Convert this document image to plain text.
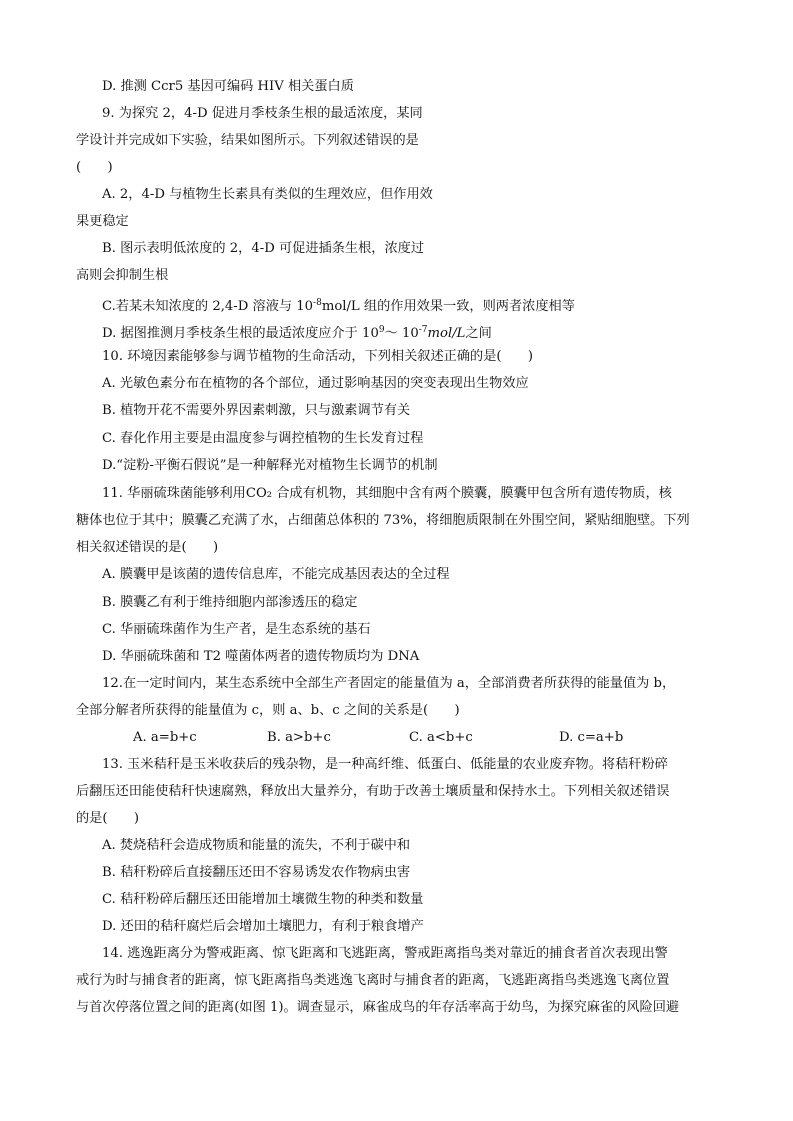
D. 推测 Ccr5 基因可编码 HIV 相关蛋白质
9. 为探究 2，4-D 促进月季枝条生根的最适浓度，某同
学设计并完成如下实验，结果如图所示。下列叙述错误的是
(　　)
A. 2，4-D 与植物生长素具有类似的生理效应，但作用效
果更稳定
B. 图示表明低浓度的 2，4-D 可促进插条生根，浓度过
高则会抑制生根
C.若某未知浓度的 2,4-D 溶液与 $10^{-8}mol/L$ 组的作用效果一致，则两者浓度相等
D. 据图推测月季枝条生根的最适浓度应介于 $10^9\sim$ $10^{-7}mol/L$之间
10. 环境因素能够参与调节植物的生命活动，下列相关叙述正确的是(　　)
A. 光敏色素分布在植物的各个部位，通过影响基因的突变表现出生物效应
B. 植物开花不需要外界因素刺激，只与激素调节有关
C. 春化作用主要是由温度参与调控植物的生长发育过程
D.“淀粉-平衡石假说”是一种解释光对植物生长调节的机制
11. 华丽硫珠菌能够利用CO₂ 合成有机物，其细胞中含有两个膜囊，膜囊甲包含所有遗传物质，核
糖体也位于其中；膜囊乙充满了水，占细菌总体积的 73%，将细胞质限制在外围空间，紧贴细胞壁。下列
相关叙述错误的是(　　)
A. 膜囊甲是该菌的遗传信息库，不能完成基因表达的全过程
B. 膜囊乙有利于维持细胞内部渗透压的稳定
C. 华丽硫珠菌作为生产者，是生态系统的基石
D. 华丽硫珠菌和 T2 噬菌体两者的遗传物质均为 DNA
12.在一定时间内，某生态系统中全部生产者固定的能量值为 a，全部消费者所获得的能量值为 b，
全部分解者所获得的能量值为 c，则 a、b、c 之间的关系是(　　)
A. a=b+c	B. a>b+c	C. a<b+c	D. c=a+b
13. 玉米秸秆是玉米收获后的残杂物，是一种高纤维、低蛋白、低能量的农业废弃物。将秸秆粉碎
后翻压还田能使秸秆快速腐熟，释放出大量养分，有助于改善土壤质量和保持水土。下列相关叙述错误
的是(　　)
A. 焚烧秸秆会造成物质和能量的流失，不利于碳中和
B. 秸秆粉碎后直接翻压还田不容易诱发农作物病虫害
C. 秸秆粉碎后翻压还田能增加土壤微生物的种类和数量
D. 还田的秸秆腐烂后会增加土壤肥力，有利于粮食增产
14. 逃逸距离分为警戒距离、惊飞距离和飞逃距离，警戒距离指鸟类对靠近的捕食者首次表现出警
戒行为时与捕食者的距离，惊飞距离指鸟类逃逸飞离时与捕食者的距离，飞逃距离指鸟类逃逸飞离位置
与首次停落位置之间的距离(如图 1)。调查显示，麻雀成鸟的年存活率高于幼鸟，为探究麻雀的风险回避
